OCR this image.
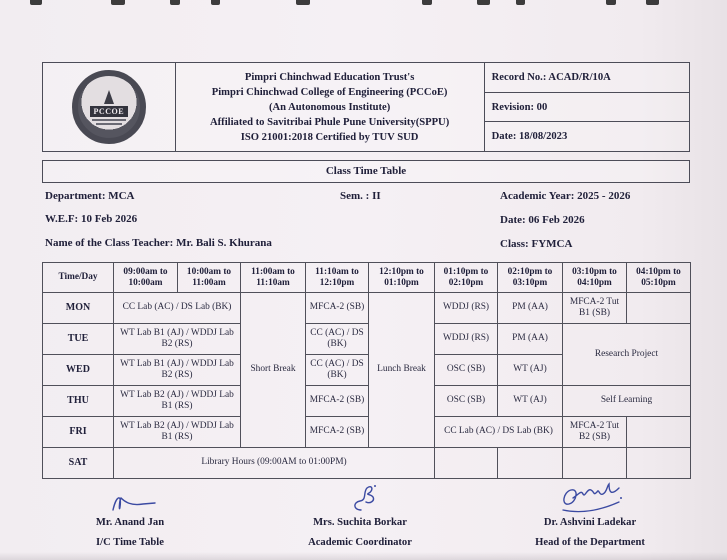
PCCOE
Pimpri Chinchwad Education Trust's
Pimpri Chinchwad College of Engineering (PCCoE)
(An Autonomous Institute)
Affiliated to Savitribai Phule Pune University(SPPU)
ISO 21001:2018 Certified by TUV SUD
Record No.: ACAD/R/10A
Revision: 00
Date: 18/08/2023
Class Time Table
Department: MCA	Sem. : II	Academic Year: 2025 - 2026
W.E.F: 10 Feb 2026	Date: 06 Feb 2026
Name of the Class Teacher: Mr. Bali S. Khurana	Class: FYMCA
Time/Day	09:00am to 10:00am	10:00am to 11:00am	11:00am to 11:10am	11:10am to 12:10pm	12:10pm to 01:10pm	01:10pm to 02:10pm	02:10pm to 03:10pm	03:10pm to 04:10pm	04:10pm to 05:10pm
MON	CC Lab (AC) / DS Lab (BK)		Short Break	MFCA-2 (SB)	Lunch Break	WDDJ (RS)	PM (AA)	MFCA-2 Tut B1 (SB)	
TUE	WT Lab B1 (AJ) / WDDJ Lab B2 (RS)			CC (AC) / DS (BK)		WDDJ (RS)	PM (AA)	Research Project	
WED	WT Lab B1 (AJ) / WDDJ Lab B2 (RS)			CC (AC) / DS (BK)		OSC (SB)	WT (AJ)		
THU	WT Lab B2 (AJ) / WDDJ Lab B1 (RS)			MFCA-2 (SB)		OSC (SB)	WT (AJ)	Self Learning	
FRI	WT Lab B2 (AJ) / WDDJ Lab B1 (RS)			MFCA-2 (SB)		CC Lab (AC) / DS Lab (BK)		MFCA-2 Tut B2 (SB)	
SAT	Library Hours (09:00AM to 01:00PM)								
Mr. Anand Jan
I/C Time Table
Mrs. Suchita Borkar
Academic Coordinator
Dr. Ashvini Ladekar
Head of the Department
